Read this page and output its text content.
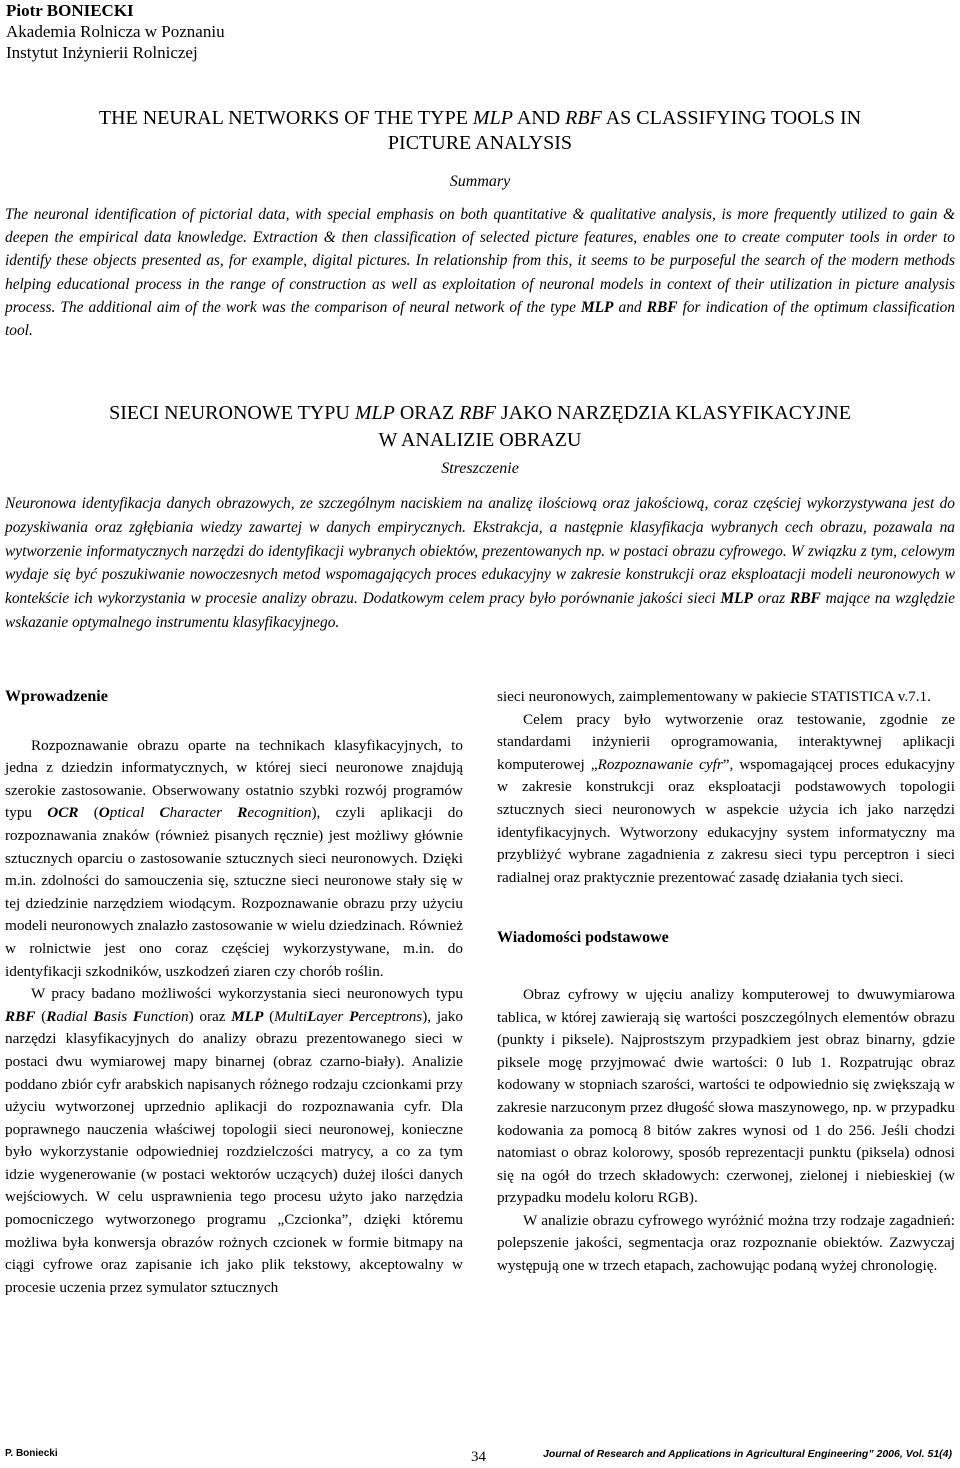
Piotr BONIECKI
Akademia Rolnicza w Poznaniu
Instytut Inżynierii Rolniczej
THE NEURAL NETWORKS OF THE TYPE MLP AND RBF AS CLASSIFYING TOOLS IN
PICTURE ANALYSIS
Summary
The neuronal identification of pictorial data, with special emphasis on both quantitative & qualitative analysis, is more frequently utilized to gain & deepen the empirical data knowledge. Extraction & then classification of selected picture features, enables one to create computer tools in order to identify these objects presented as, for example, digital pictures. In relationship from this, it seems to be purposeful the search of the modern methods helping educational process in the range of construction as well as exploitation of neuronal models in context of their utilization in picture analysis process. The additional aim of the work was the comparison of neural network of the type MLP and RBF for indication of the optimum classification tool.
SIECI NEURONOWE TYPU MLP ORAZ RBF JAKO NARZĘDZIA KLASYFIKACYJNE
W ANALIZIE OBRAZU
Streszczenie
Neuronowa identyfikacja danych obrazowych, ze szczególnym naciskiem na analizę ilościową oraz jakościową, coraz częściej wykorzystywana jest do pozyskiwania oraz zgłębiania wiedzy zawartej w danych empirycznych. Ekstrakcja, a następnie klasyfikacja wybranych cech obrazu, pozawala na wytworzenie informatycznych narzędzi do identyfikacji wybranych obiektów, prezentowanych np. w postaci obrazu cyfrowego. W związku z tym, celowym wydaje się być poszukiwanie nowoczesnych metod wspomagających proces edukacyjny w zakresie konstrukcji oraz eksploatacji modeli neuronowych w kontekście ich wykorzystania w procesie analizy obrazu. Dodatkowym celem pracy było porównanie jakości sieci MLP oraz RBF mające na względzie wskazanie optymalnego instrumentu klasyfikacyjnego.

Wprowadzenie

Rozpoznawanie obrazu oparte na technikach klasyfikacyjnych, to jedna z dziedzin informatycznych, w której sieci neuronowe znajdują szerokie zastosowanie. Obserwowany ostatnio szybki rozwój programów typu OCR (Optical Character Recognition), czyli aplikacji do rozpoznawania znaków (również pisanych ręcznie) jest możliwy głównie sztucznych oparciu o zastosowanie sztucznych sieci neuronowych. Dzięki m.in. zdolności do samouczenia się, sztuczne sieci neuronowe stały się w tej dziedzinie narzędziem wiodącym. Rozpoznawanie obrazu przy użyciu modeli neuronowych znalazło zastosowanie w wielu dziedzinach. Również w rolnictwie jest ono coraz częściej wykorzystywane, m.in. do identyfikacji szkodników, uszkodzeń ziaren czy chorób roślin.

W pracy badano możliwości wykorzystania sieci neuronowych typu RBF (Radial Basis Function) oraz MLP (MultiLayer Perceptrons), jako narzędzi klasyfikacyjnych do analizy obrazu prezentowanego sieci w postaci dwu wymiarowej mapy binarnej (obraz czarno-biały). Analizie poddano zbiór cyfr arabskich napisanych różnego rodzaju czcionkami przy użyciu wytworzonej uprzednio aplikacji do rozpoznawania cyfr. Dla poprawnego nauczenia właściwej topologii sieci neuronowej, konieczne było wykorzystanie odpowiedniej rozdzielczości matrycy, a co za tym idzie wygenerowanie (w postaci wektorów uczących) dużej ilości danych wejściowych. W celu usprawnienia tego procesu użyto jako narzędzia pomocniczego wytworzonego programu „Czcionka”, dzięki któremu możliwa była konwersja obrazów rożnych czcionek w formie bitmapy na ciągi cyfrowe oraz zapisanie ich jako plik tekstowy, akceptowalny w procesie uczenia przez symulator sztucznych

sieci neuronowych, zaimplementowany w pakiecie STATISTICA v.7.1.

Celem pracy było wytworzenie oraz testowanie, zgodnie ze standardami inżynierii oprogramowania, interaktywnej aplikacji komputerowej „Rozpoznawanie cyfr”, wspomagającej proces edukacyjny w zakresie konstrukcji oraz eksploatacji podstawowych topologii sztucznych sieci neuronowych w aspekcie użycia ich jako narzędzi identyfikacyjnych. Wytworzony edukacyjny system informatyczny ma przybliżyć wybrane zagadnienia z zakresu sieci typu perceptron i sieci radialnej oraz praktycznie prezentować zasadę działania tych sieci.

Wiadomości podstawowe

Obraz cyfrowy w ujęciu analizy komputerowej to dwuwymiarowa tablica, w której zawierają się wartości poszczególnych elementów obrazu (punkty i piksele). Najprostszym przypadkiem jest obraz binarny, gdzie piksele mogę przyjmować dwie wartości: 0 lub 1. Rozpatrując obraz kodowany w stopniach szarości, wartości te odpowiednio się zwiększają w zakresie narzuconym przez długość słowa maszynowego, np. w przypadku kodowania za pomocą 8 bitów zakres wynosi od 1 do 256. Jeśli chodzi natomiast o obraz kolorowy, sposób reprezentacji punktu (piksela) odnosi się na ogół do trzech składowych: czerwonej, zielonej i niebieskiej (w przypadku modelu koloru RGB).

W analizie obrazu cyfrowego wyróżnić można trzy rodzaje zagadnień: polepszenie jakości, segmentacja oraz rozpoznanie obiektów. Zazwyczaj występują one w trzech etapach, zachowując podaną wyżej chronologię.

P. Boniecki	34	Journal of Research and Applications in Agricultural Engineering” 2006, Vol. 51(4)
